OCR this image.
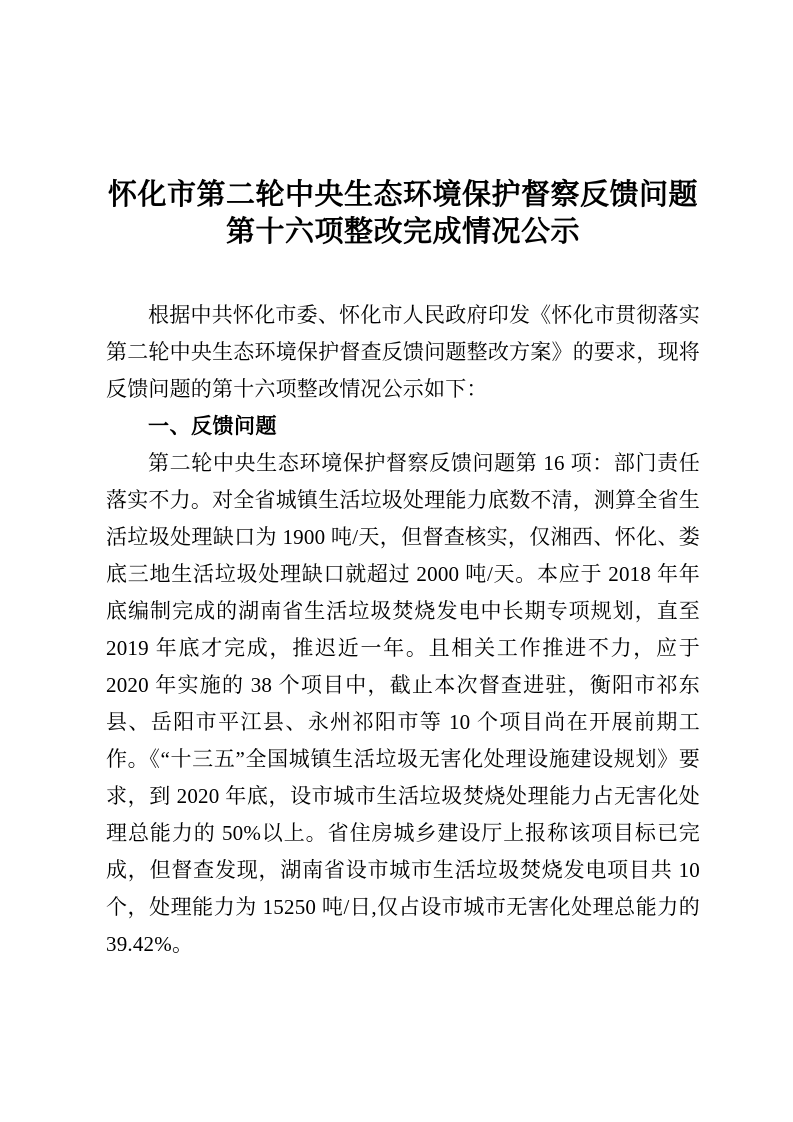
怀化市第二轮中央生态环境保护督察反馈问题
第十六项整改完成情况公示

根据中共怀化市委、怀化市人民政府印发《怀化市贯彻落实第二轮中央生态环境保护督查反馈问题整改方案》的要求，现将反馈问题的第十六项整改情况公示如下：

一、反馈问题

第二轮中央生态环境保护督察反馈问题第 16 项：部门责任落实不力。对全省城镇生活垃圾处理能力底数不清，测算全省生活垃圾处理缺口为 1900 吨/天，但督查核实，仅湘西、怀化、娄底三地生活垃圾处理缺口就超过 2000 吨/天。本应于 2018 年年底编制完成的湖南省生活垃圾焚烧发电中长期专项规划，直至 2019 年底才完成，推迟近一年。且相关工作推进不力，应于 2020 年实施的 38 个项目中，截止本次督查进驻，衡阳市祁东县、岳阳市平江县、永州祁阳市等 10 个项目尚在开展前期工作。《“十三五”全国城镇生活垃圾无害化处理设施建设规划》要求，到 2020 年底，设市城市生活垃圾焚烧处理能力占无害化处理总能力的 50%以上。省住房城乡建设厅上报称该项目标已完成，但督查发现，湖南省设市城市生活垃圾焚烧发电项目共 10 个，处理能力为 15250 吨/日,仅占设市城市无害化处理总能力的 39.42%。
